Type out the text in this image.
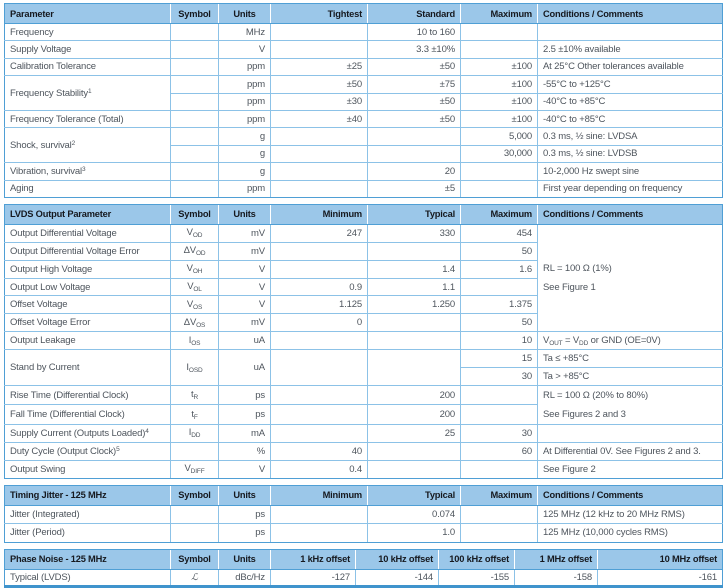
Parameter	Symbol	Units	Tightest	Standard	Maximum	Conditions / Comments
Frequency		MHz		10 to 160		
Supply Voltage		V		3.3 ±10%		2.5 ±10% available
Calibration Tolerance		ppm	±25	±50	±100	At 25°C Other tolerances available
Frequency Stability$^1$		ppm	±50	±75	±100	-55°C to +125°C
		ppm	±30	±50	±100	-40°C to +85°C
Frequency Tolerance (Total)		ppm	±40	±50	±100	-40°C to +85°C
Shock, survival$^2$		g			5,000	0.3 ms, ½ sine: LVDSA
		g			30,000	0.3 ms, ½ sine: LVDSB
Vibration, survival$^3$		g		20		10-2,000 Hz swept sine
Aging		ppm		±5		First year depending on frequency
LVDS Output Parameter	Symbol	Units	Minimum	Typical	Maximum	Conditions / Comments
Output Differential Voltage	$V_{OD}$	mV	247	330	454	RL = 100 Ω (1%)
See Figure 1

Output Differential Voltage Error	$\Delta V_{OD}$	mV			50	
Output High Voltage	$V_{OH}$	V		1.4	1.6	
Output Low Voltage	$V_{OL}$	V	0.9	1.1		
Offset Voltage	$V_{OS}$	V	1.125	1.250	1.375	
Offset Voltage Error	$\Delta V_{OS}$	mV	0		50	
Output Leakage	$I_{OS}$	uA			10	$V_{OUT} = V_{DD}$ or GND (OE=0V)
Stand by Current	$I_{OSD}$	uA			15	Ta ≤ +85°C
					30	Ta > +85°C
Rise Time (Differential Clock)	$t_R$	ps		200		RL = 100 Ω (20% to 80%)
See Figures 2 and 3

Fall Time (Differential Clock)	$t_F$	ps		200		
Supply Current (Outputs Loaded)$^4$	$I_{DD}$	mA		25	30	
Duty Cycle (Output Clock)$^5$		%	40		60	At Differential 0V. See Figures 2 and 3.
Output Swing	$V_{DIFF}$	V	0.4			See Figure 2
Timing Jitter - 125 MHz	Symbol	Units	Minimum	Typical	Maximum	Conditions / Comments
Jitter (Integrated)		ps		0.074		125 MHz (12 kHz to 20 MHz RMS)
Jitter (Period)		ps		1.0		125 MHz (10,000 cycles RMS)
Phase Noise - 125 MHz	Symbol	Units	1 kHz offset	10 kHz offset	100 kHz offset	1 MHz offset	10 MHz offset
Typical (LVDS)	ℒ	dBc/Hz	-127	-144	-155	-158	-161
